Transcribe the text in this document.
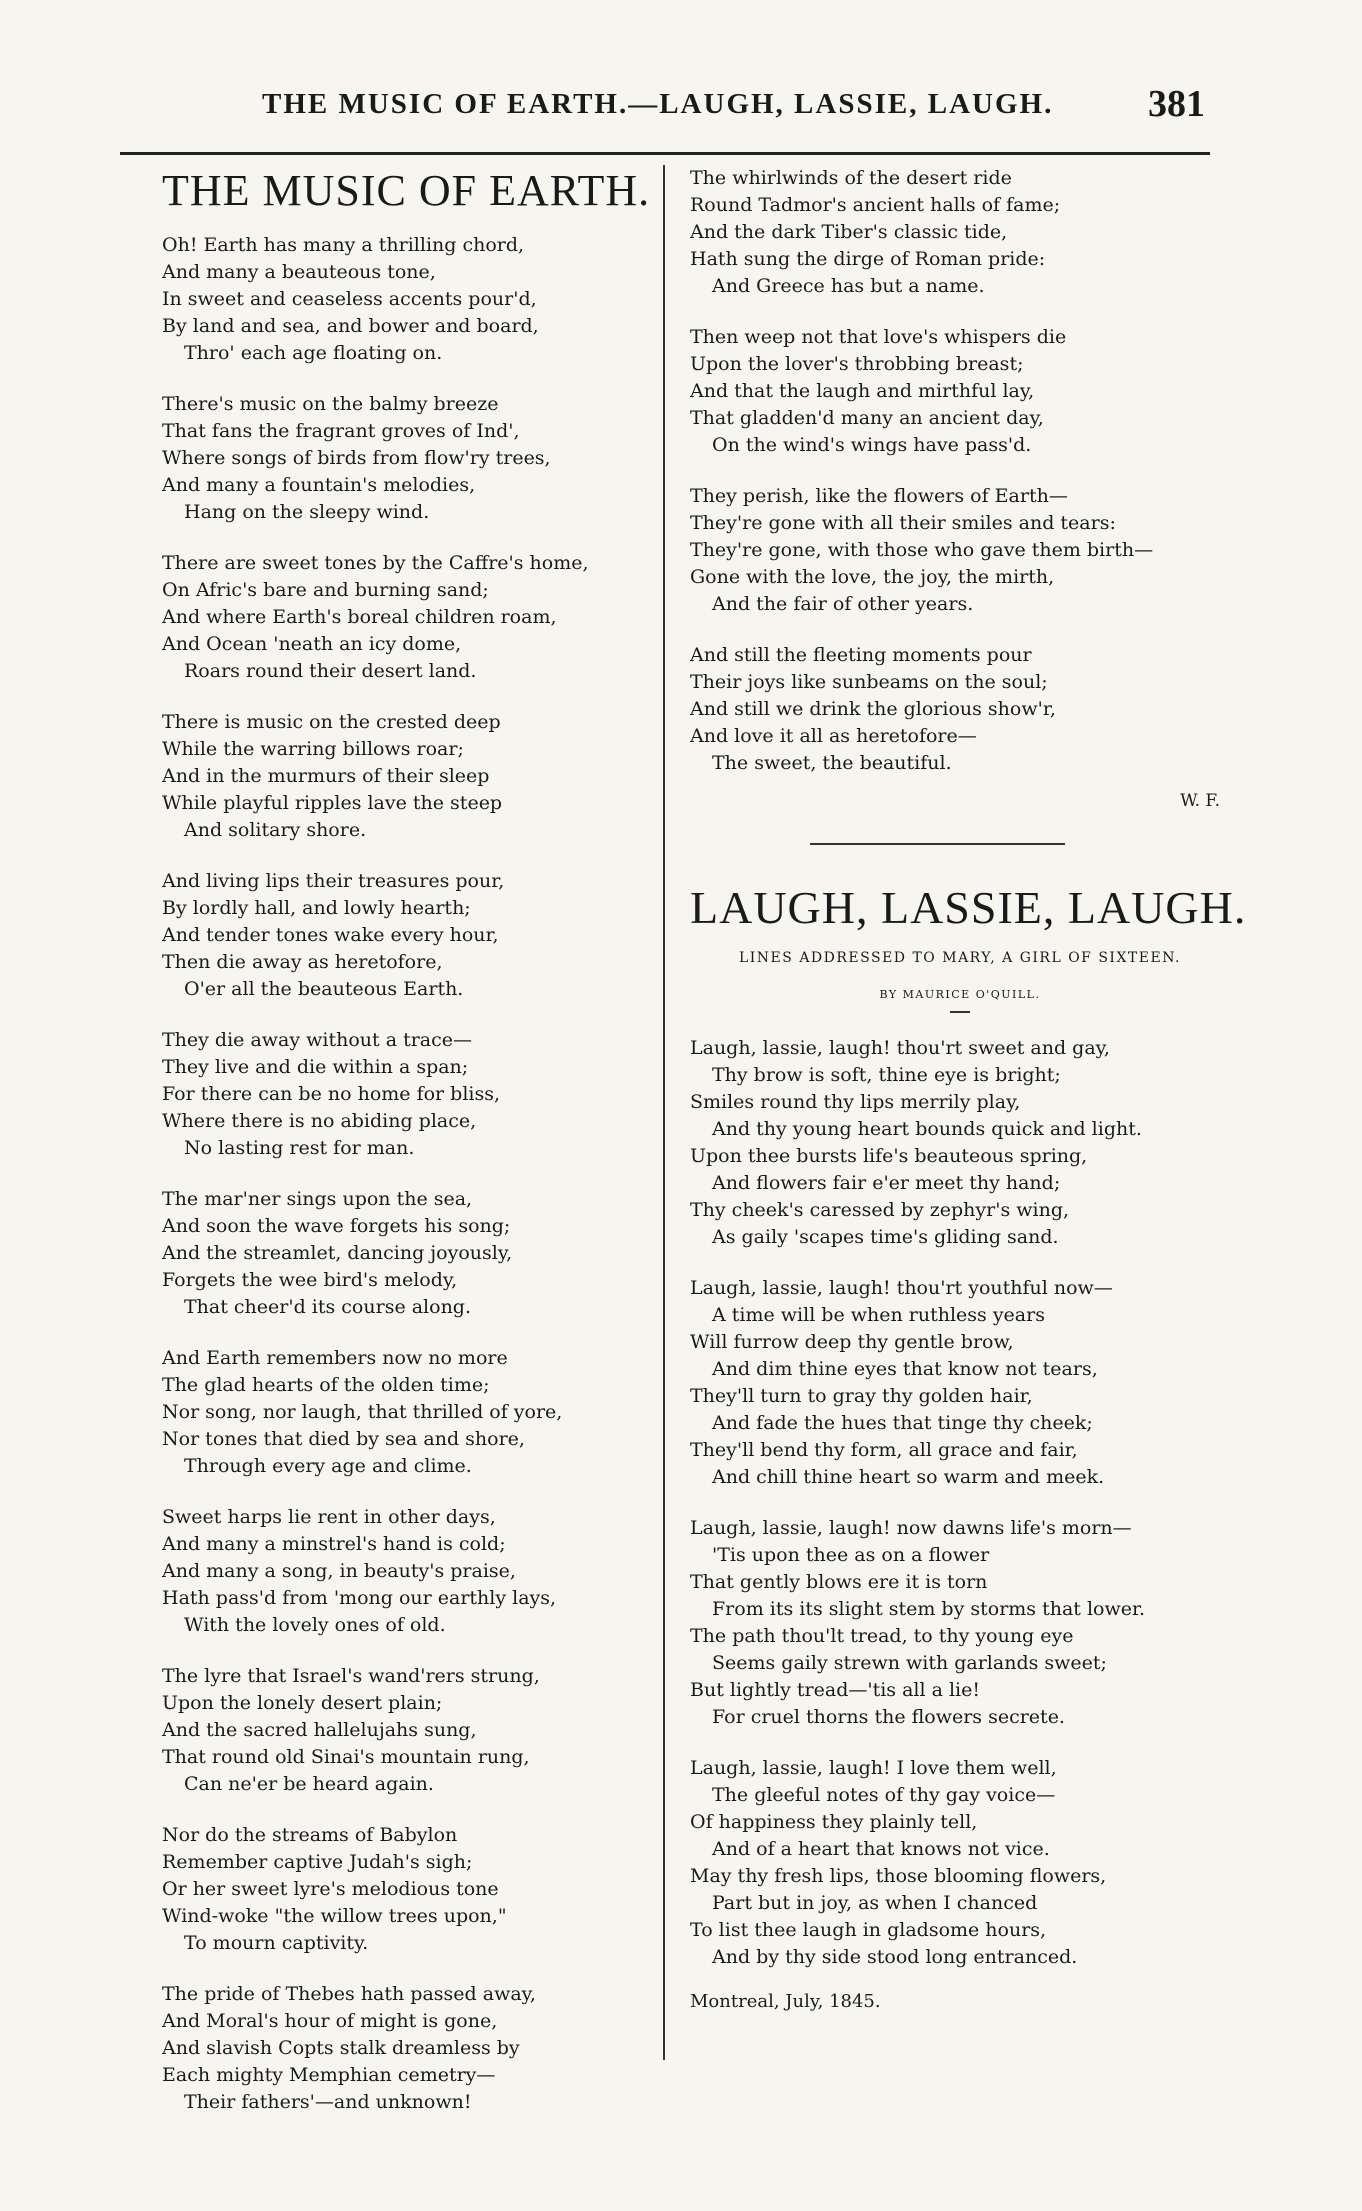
THE MUSIC OF EARTH.—LAUGH, LASSIE, LAUGH. 381
THE MUSIC OF EARTH.
Oh! Earth has many a thrilling chord,
And many a beauteous tone,
In sweet and ceaseless accents pour'd,
By land and sea, and bower and board,
Thro' each age floating on.
There's music on the balmy breeze
That fans the fragrant groves of Ind',
Where songs of birds from flow'ry trees,
And many a fountain's melodies,
Hang on the sleepy wind.
There are sweet tones by the Caffre's home,
On Afric's bare and burning sand;
And where Earth's boreal children roam,
And Ocean 'neath an icy dome,
Roars round their desert land.
There is music on the crested deep
While the warring billows roar;
And in the murmurs of their sleep
While playful ripples lave the steep
And solitary shore.
And living lips their treasures pour,
By lordly hall, and lowly hearth;
And tender tones wake every hour,
Then die away as heretofore,
O'er all the beauteous Earth.
They die away without a trace—
They live and die within a span;
For there can be no home for bliss,
Where there is no abiding place,
No lasting rest for man.
The mar'ner sings upon the sea,
And soon the wave forgets his song;
And the streamlet, dancing joyously,
Forgets the wee bird's melody,
That cheer'd its course along.
And Earth remembers now no more
The glad hearts of the olden time;
Nor song, nor laugh, that thrilled of yore,
Nor tones that died by sea and shore,
Through every age and clime.
Sweet harps lie rent in other days,
And many a minstrel's hand is cold;
And many a song, in beauty's praise,
Hath pass'd from 'mong our earthly lays,
With the lovely ones of old.
The lyre that Israel's wand'rers strung,
Upon the lonely desert plain;
And the sacred hallelujahs sung,
That round old Sinai's mountain rung,
Can ne'er be heard again.
Nor do the streams of Babylon
Remember captive Judah's sigh;
Or her sweet lyre's melodious tone
Wind-woke "the willow trees upon,"
To mourn captivity.
The pride of Thebes hath passed away,
And Moral's hour of might is gone,
And slavish Copts stalk dreamless by
Each mighty Memphian cemetry—
Their fathers'—and unknown!
The whirlwinds of the desert ride
Round Tadmor's ancient halls of fame;
And the dark Tiber's classic tide,
Hath sung the dirge of Roman pride:
And Greece has but a name.
Then weep not that love's whispers die
Upon the lover's throbbing breast;
And that the laugh and mirthful lay,
That gladden'd many an ancient day,
On the wind's wings have pass'd.
They perish, like the flowers of Earth—
They're gone with all their smiles and tears:
They're gone, with those who gave them birth—
Gone with the love, the joy, the mirth,
And the fair of other years.
And still the fleeting moments pour
Their joys like sunbeams on the soul;
And still we drink the glorious show'r,
And love it all as heretofore—
The sweet, the beautiful.
W. F.
LAUGH, LASSIE, LAUGH.
LINES ADDRESSED TO MARY, A GIRL OF SIXTEEN.
BY MAURICE O'QUILL.
Laugh, lassie, laugh! thou'rt sweet and gay,
Thy brow is soft, thine eye is bright;
Smiles round thy lips merrily play,
And thy young heart bounds quick and light.
Upon thee bursts life's beauteous spring,
And flowers fair e'er meet thy hand;
Thy cheek's caressed by zephyr's wing,
As gaily 'scapes time's gliding sand.
Laugh, lassie, laugh! thou'rt youthful now—
A time will be when ruthless years
Will furrow deep thy gentle brow,
And dim thine eyes that know not tears,
They'll turn to gray thy golden hair,
And fade the hues that tinge thy cheek;
They'll bend thy form, all grace and fair,
And chill thine heart so warm and meek.
Laugh, lassie, laugh! now dawns life's morn—
'Tis upon thee as on a flower
That gently blows ere it is torn
From its its slight stem by storms that lower.
The path thou'lt tread, to thy young eye
Seems gaily strewn with garlands sweet;
But lightly tread—'tis all a lie!
For cruel thorns the flowers secrete.
Laugh, lassie, laugh! I love them well,
The gleeful notes of thy gay voice—
Of happiness they plainly tell,
And of a heart that knows not vice.
May thy fresh lips, those blooming flowers,
Part but in joy, as when I chanced
To list thee laugh in gladsome hours,
And by thy side stood long entranced.
Montreal, July, 1845.
